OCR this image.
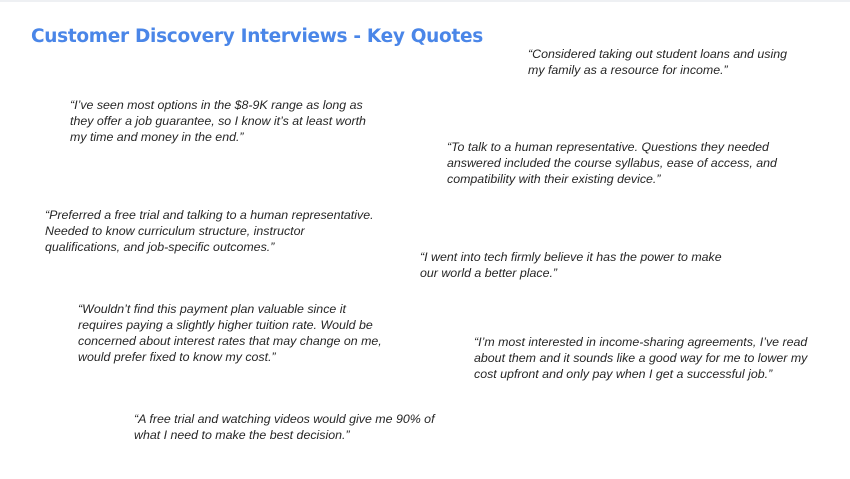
Customer Discovery Interviews - Key Quotes

“Considered taking out student loans and using
my family as a resource for income.”

“I’ve seen most options in the $8-9K range as long as
they offer a job guarantee, so I know it’s at least worth
my time and money in the end.”

“To talk to a human representative. Questions they needed
answered included the course syllabus, ease of access, and
compatibility with their existing device.”

“Preferred a free trial and talking to a human representative.
Needed to know curriculum structure, instructor
qualifications, and job-specific outcomes.”

“I went into tech firmly believe it has the power to make
our world a better place.”

“Wouldn’t find this payment plan valuable since it
requires paying a slightly higher tuition rate. Would be
concerned about interest rates that may change on me,
would prefer fixed to know my cost.”

“I’m most interested in income-sharing agreements, I’ve read
about them and it sounds like a good way for me to lower my
cost upfront and only pay when I get a successful job.”

“A free trial and watching videos would give me 90% of
what I need to make the best decision.”
